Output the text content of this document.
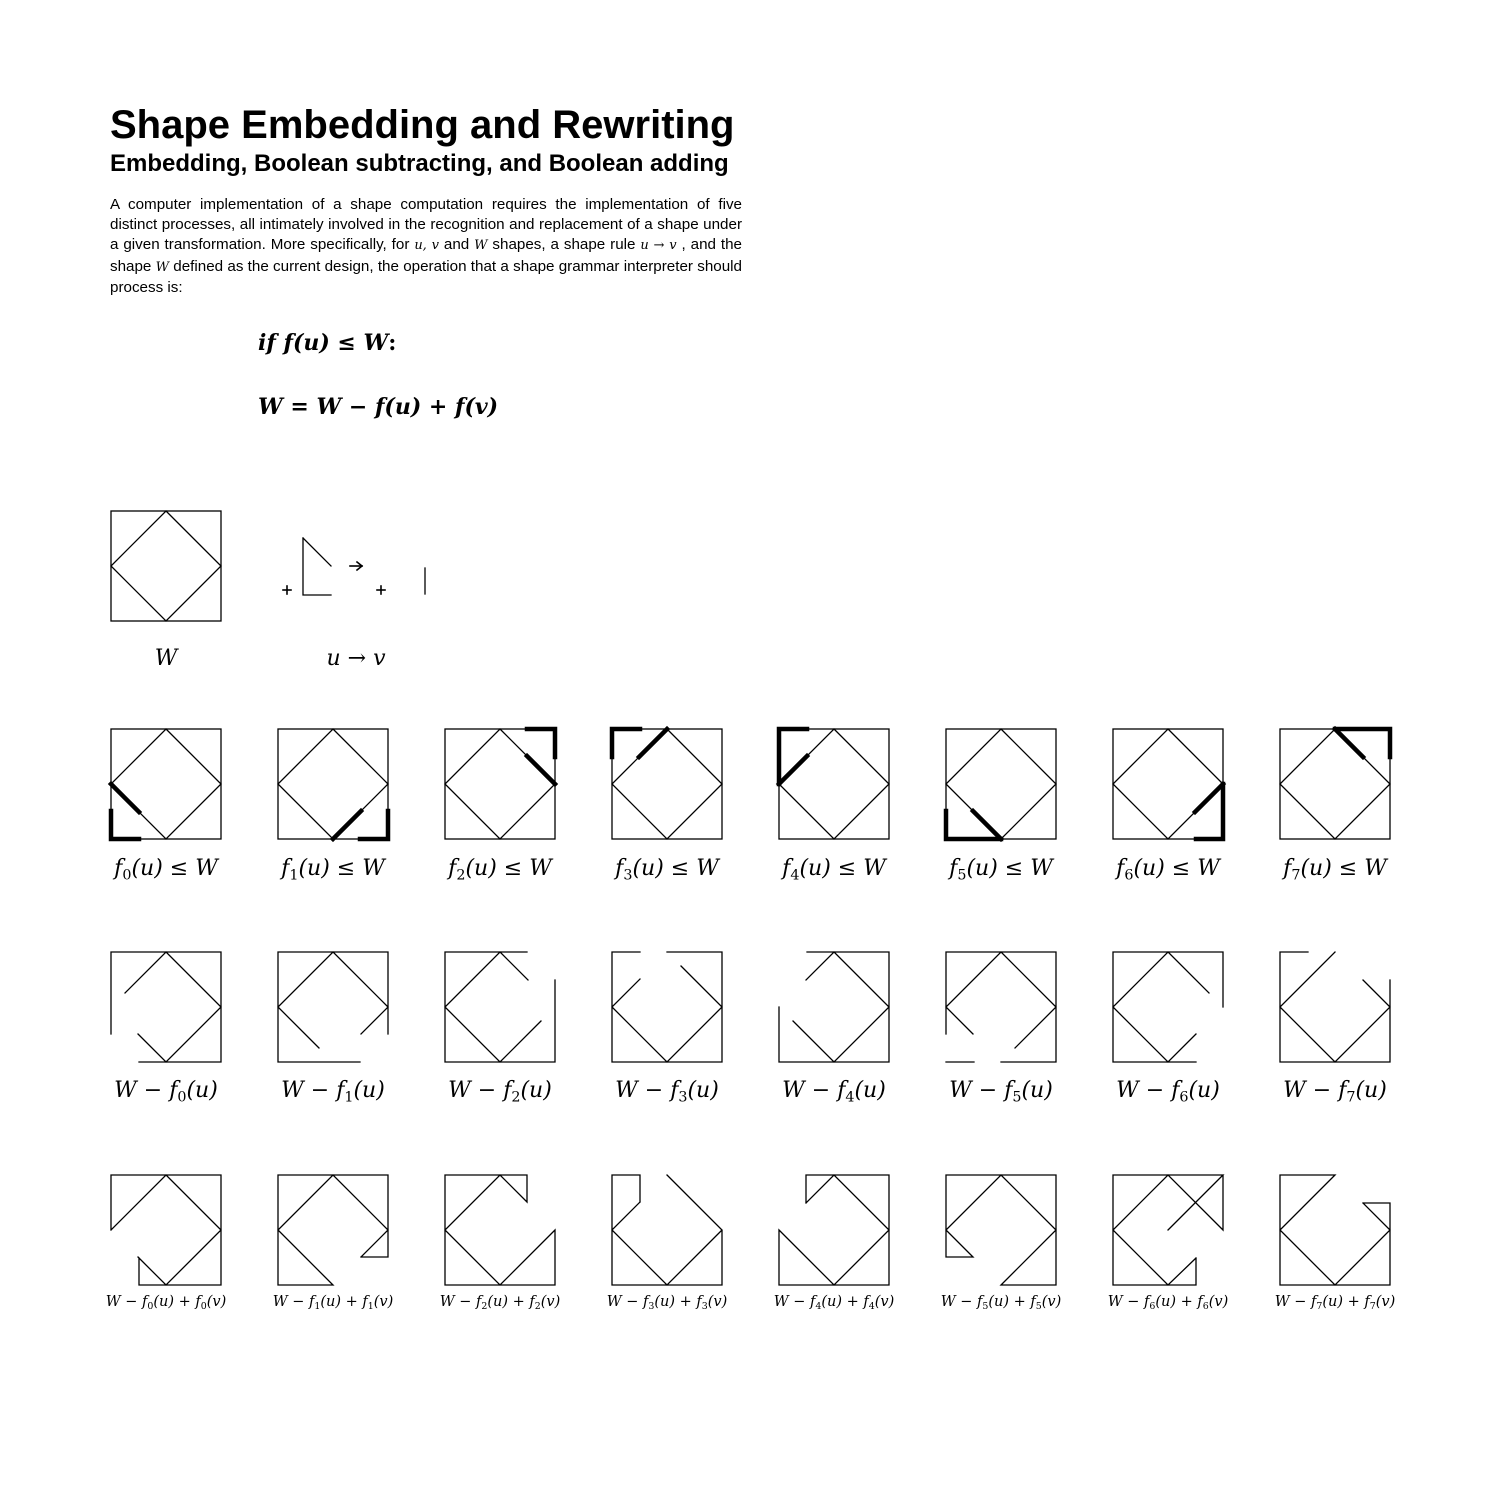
Shape Embedding and Rewriting
Embedding, Boolean subtracting, and Boolean adding

A computer implementation of a shape computation requires the implementation of five distinct processes, all intimately involved in the recognition and replacement of a shape under a given transformation. More specifically, for u, v and W shapes, a shape rule u → v , and the shape W defined as the current design, the operation that a shape grammar interpreter should process is:

if f(u) ≤ W:
W = W − f(u) + f(v)
W	u → v
$f_0(u) \le W$	$f_1(u) \le W$	$f_2(u) \le W$	$f_3(u) \le W$	$f_4(u) \le W$	$f_5(u) \le W$	$f_6(u) \le W$	$f_7(u) \le W$
$W - f_0(u)$	$W - f_1(u)$	$W - f_2(u)$	$W - f_3(u)$	$W - f_4(u)$	$W - f_5(u)$	$W - f_6(u)$	$W - f_7(u)$
$W - f_0(u) + f_0(v)$	$W - f_1(u) + f_1(v)$	$W - f_2(u) + f_2(v)$	$W - f_3(u) + f_3(v)$	$W - f_4(u) + f_4(v)$	$W - f_5(u) + f_5(v)$	$W - f_6(u) + f_6(v)$	$W - f_7(u) + f_7(v)$
